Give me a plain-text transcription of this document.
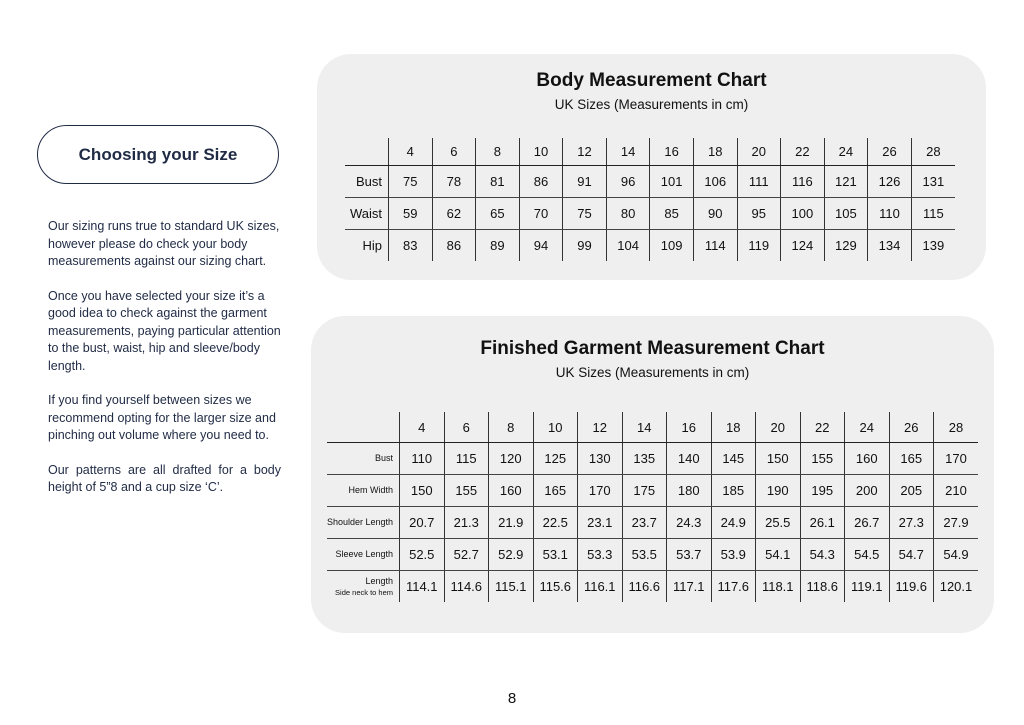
Choosing your Size

Our sizing runs true to standard UK sizes, however please do check your body measurements against our sizing chart.

Once you have selected your size it’s a good idea to check against the garment measurements, paying particular attention to the bust, waist, hip and sleeve/body length.

If you find yourself between sizes we recommend opting for the larger size and pinching out volume where you need to.

Our patterns are all drafted for a body height of 5”8 and a cup size ‘C’.

Body Measurement Chart
UK Sizes (Measurements in cm)
	4	6	8	10	12	14	16	18	20	22	24	26	28
Bust	75	78	81	86	91	96	101	106	111	116	121	126	131
Waist	59	62	65	70	75	80	85	90	95	100	105	110	115
Hip	83	86	89	94	99	104	109	114	119	124	129	134	139
Finished Garment Measurement Chart
UK Sizes (Measurements in cm)
	4	6	8	10	12	14	16	18	20	22	24	26	28
Bust	110	115	120	125	130	135	140	145	150	155	160	165	170
Hem Width	150	155	160	165	170	175	180	185	190	195	200	205	210
Shoulder Length	20.7	21.3	21.9	22.5	23.1	23.7	24.3	24.9	25.5	26.1	26.7	27.3	27.9
Sleeve Length	52.5	52.7	52.9	53.1	53.3	53.5	53.7	53.9	54.1	54.3	54.5	54.7	54.9
Length
Side neck to hem	114.1	114.6	115.1	115.6	116.1	116.6	117.1	117.6	118.1	118.6	119.1	119.6	120.1
8
